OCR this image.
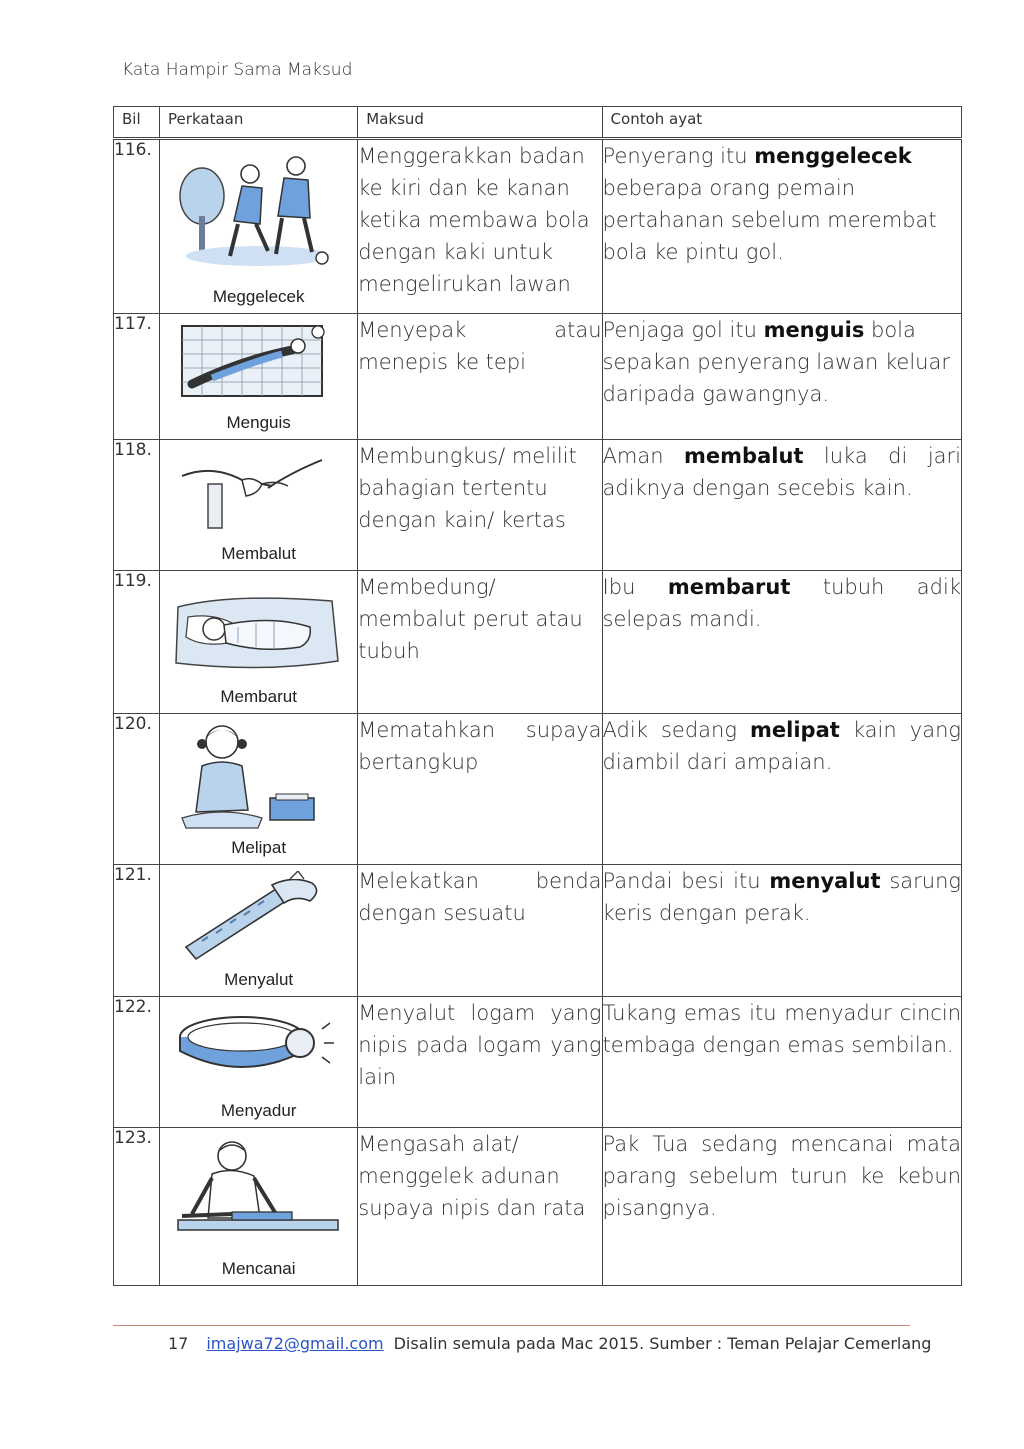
Kata Hampir Sama Maksud
Bil	Perkataan	Maksud	Contoh ayat
116.	Meggelecek	Menggerakkan badan ke kiri dan ke kanan ketika membawa bola dengan kaki untuk mengelirukan lawan	Penyerang itu menggelecek beberapa orang pemain pertahanan sebelum merembat bola ke pintu gol.
117.	Menguis	Menyepak atau menepis ke tepi	Penjaga gol itu menguis bola sepakan penyerang lawan keluar daripada gawangnya.
118.	Membalut	Membungkus/ melilit bahagian tertentu dengan kain/ kertas	Aman membalut luka di jari adiknya dengan secebis kain.
119.	Membarut	Membedung/ membalut perut atau tubuh	Ibu membarut tubuh adik selepas mandi.
120.	Melipat	Mematahkan supaya bertangkup	Adik sedang melipat kain yang diambil dari ampaian.
121.	Menyalut	Melekatkan benda dengan sesuatu	Pandai besi itu menyalut sarung keris dengan perak.
122.	Menyadur	Menyalut logam yang nipis pada logam yang lain	Tukang emas itu menyadur cincin tembaga dengan emas sembilan.
123.	Mencanai	Mengasah alat/ menggelek adunan supaya nipis dan rata	Pak Tua sedang mencanai mata parang sebelum turun ke kebun pisangnya.
17 imajwa72@gmail.com Disalin semula pada Mac 2015. Sumber : Teman Pelajar Cemerlang
